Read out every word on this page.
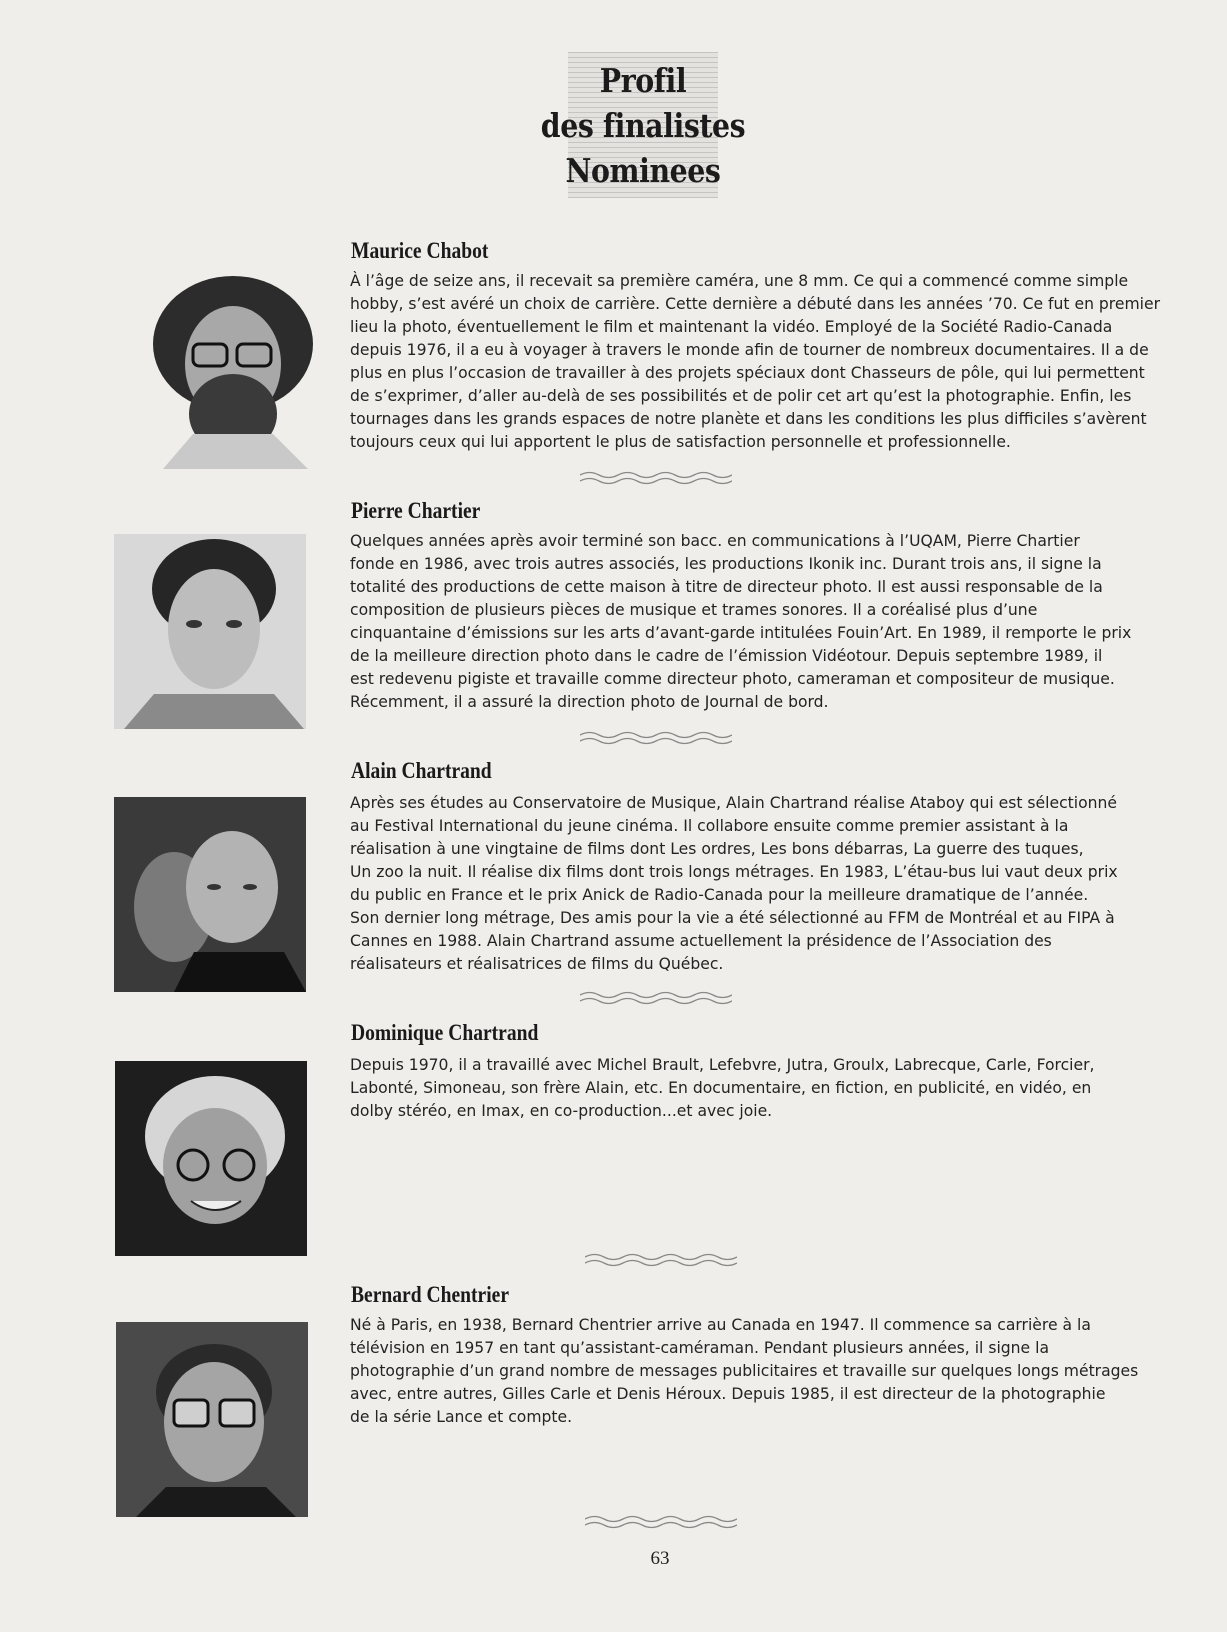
Profil
des finalistes
Nominees
Maurice Chabot
À l’âge de seize ans, il recevait sa première caméra, une 8 mm. Ce qui a commencé comme simple
hobby, s’est avéré un choix de carrière. Cette dernière a débuté dans les années ’70. Ce fut en premier
lieu la photo, éventuellement le film et maintenant la vidéo. Employé de la Société Radio-Canada
depuis 1976, il a eu à voyager à travers le monde afin de tourner de nombreux documentaires. Il a de
plus en plus l’occasion de travailler à des projets spéciaux dont Chasseurs de pôle, qui lui permettent
de s’exprimer, d’aller au-delà de ses possibilités et de polir cet art qu’est la photographie. Enfin, les
tournages dans les grands espaces de notre planète et dans les conditions les plus difficiles s’avèrent
toujours ceux qui lui apportent le plus de satisfaction personnelle et professionnelle.
Pierre Chartier
Quelques années après avoir terminé son bacc. en communications à l’UQAM, Pierre Chartier
fonde en 1986, avec trois autres associés, les productions Ikonik inc. Durant trois ans, il signe la
totalité des productions de cette maison à titre de directeur photo. Il est aussi responsable de la
composition de plusieurs pièces de musique et trames sonores. Il a coréalisé plus d’une
cinquantaine d’émissions sur les arts d’avant-garde intitulées Fouin’Art. En 1989, il remporte le prix
de la meilleure direction photo dans le cadre de l’émission Vidéotour. Depuis septembre 1989, il
est redevenu pigiste et travaille comme directeur photo, cameraman et compositeur de musique.
Récemment, il a assuré la direction photo de Journal de bord.
Alain Chartrand
Après ses études au Conservatoire de Musique, Alain Chartrand réalise Ataboy qui est sélectionné
au Festival International du jeune cinéma. Il collabore ensuite comme premier assistant à la
réalisation à une vingtaine de films dont Les ordres, Les bons débarras, La guerre des tuques,
Un zoo la nuit. Il réalise dix films dont trois longs métrages. En 1983, L’étau-bus lui vaut deux prix
du public en France et le prix Anick de Radio-Canada pour la meilleure dramatique de l’année.
Son dernier long métrage, Des amis pour la vie a été sélectionné au FFM de Montréal et au FIPA à
Cannes en 1988. Alain Chartrand assume actuellement la présidence de l’Association des
réalisateurs et réalisatrices de films du Québec.
Dominique Chartrand
Depuis 1970, il a travaillé avec Michel Brault, Lefebvre, Jutra, Groulx, Labrecque, Carle, Forcier,
Labonté, Simoneau, son frère Alain, etc. En documentaire, en fiction, en publicité, en vidéo, en
dolby stéréo, en Imax, en co-production...et avec joie.
Bernard Chentrier
Né à Paris, en 1938, Bernard Chentrier arrive au Canada en 1947. Il commence sa carrière à la
télévision en 1957 en tant qu’assistant-caméraman. Pendant plusieurs années, il signe la
photographie d’un grand nombre de messages publicitaires et travaille sur quelques longs métrages
avec, entre autres, Gilles Carle et Denis Héroux. Depuis 1985, il est directeur de la photographie
de la série Lance et compte.
63
